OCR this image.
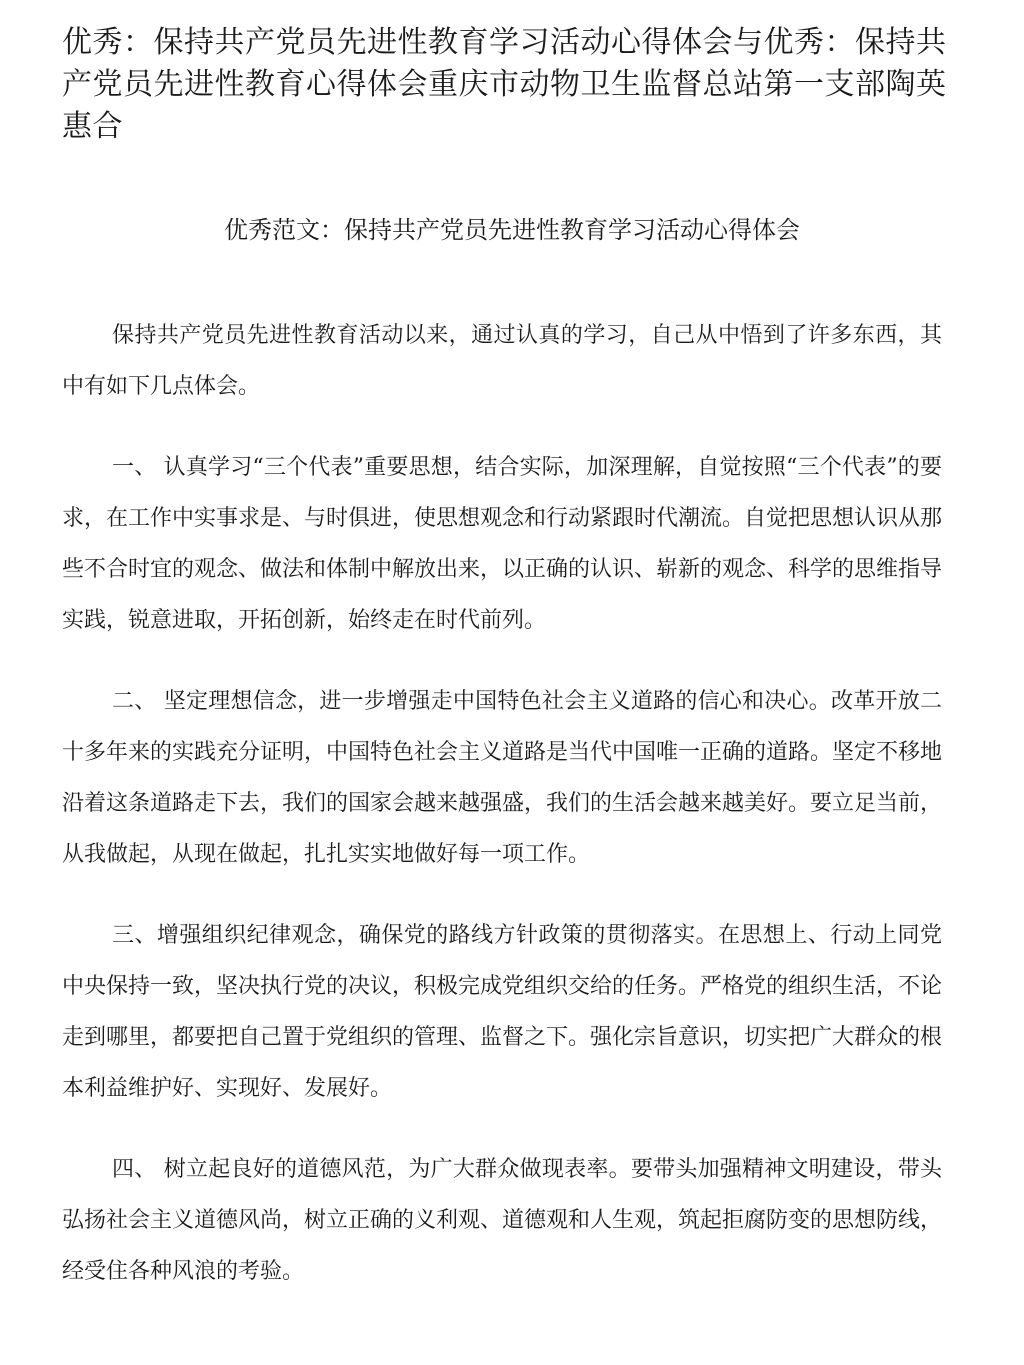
优秀：保持共产党员先进性教育学习活动心得体会与优秀：保持共产党员先进性教育心得体会重庆市动物卫生监督总站第一支部陶英惠合
优秀范文：保持共产党员先进性教育学习活动心得体会

保持共产党员先进性教育活动以来，通过认真的学习，自己从中悟到了许多东西，其中有如下几点体会。

一、 认真学习“三个代表”重要思想，结合实际，加深理解，自觉按照“三个代表”的要求，在工作中实事求是、与时俱进，使思想观念和行动紧跟时代潮流。自觉把思想认识从那些不合时宜的观念、做法和体制中解放出来，以正确的认识、崭新的观念、科学的思维指导实践，锐意进取，开拓创新，始终走在时代前列。

二、 坚定理想信念，进一步增强走中国特色社会主义道路的信心和决心。改革开放二十多年来的实践充分证明，中国特色社会主义道路是当代中国唯一正确的道路。坚定不移地沿着这条道路走下去，我们的国家会越来越强盛，我们的生活会越来越美好。要立足当前，从我做起，从现在做起，扎扎实实地做好每一项工作。

三、增强组织纪律观念，确保党的路线方针政策的贯彻落实。在思想上、行动上同党中央保持一致，坚决执行党的决议，积极完成党组织交给的任务。严格党的组织生活，不论走到哪里，都要把自己置于党组织的管理、监督之下。强化宗旨意识，切实把广大群众的根本利益维护好、实现好、发展好。

四、 树立起良好的道德风范，为广大群众做现表率。要带头加强精神文明建设，带头弘扬社会主义道德风尚，树立正确的义利观、道德观和人生观，筑起拒腐防变的思想防线，经受住各种风浪的考验。
